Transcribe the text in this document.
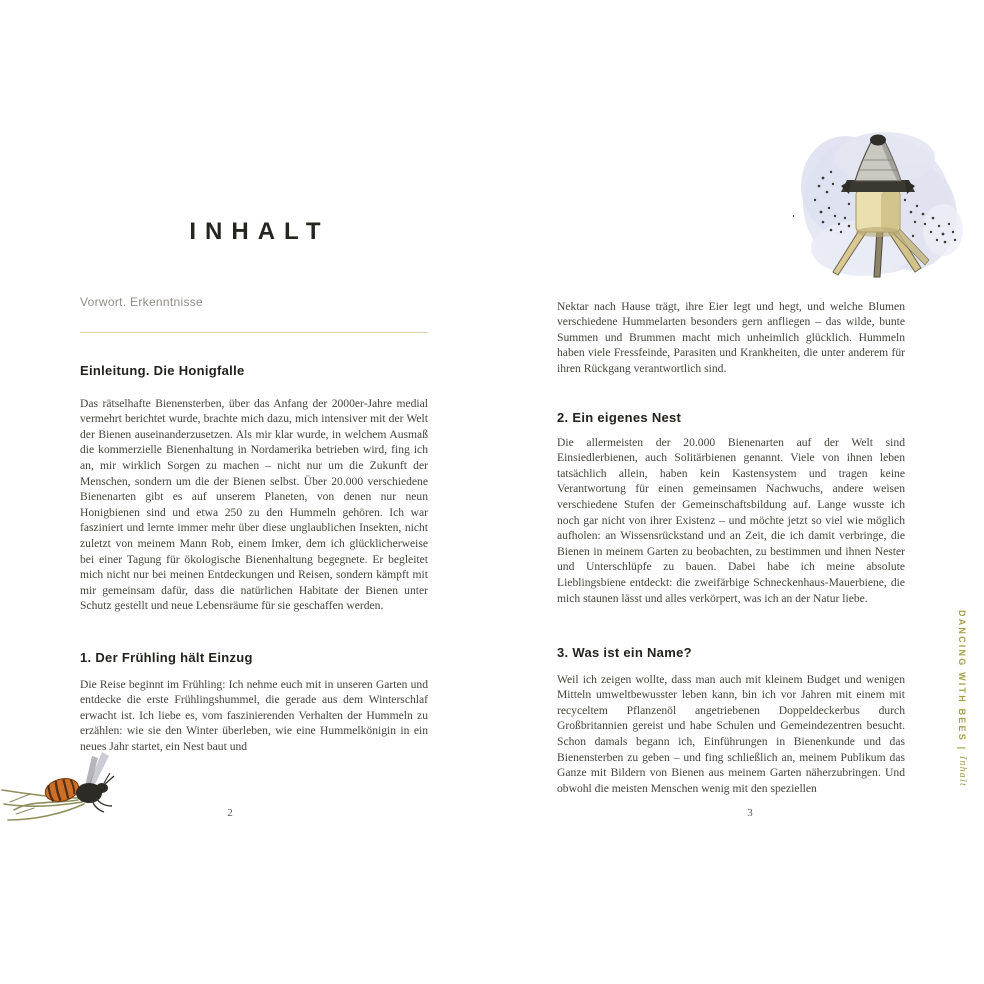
INHALT
Vorwort. Erkenntnisse
Einleitung. Die Honigfalle

Das rätselhafte Bienensterben, über das Anfang der 2000er-Jahre medial vermehrt berichtet wurde, brachte mich dazu, mich intensiver mit der Welt der Bienen auseinanderzusetzen. Als mir klar wurde, in welchem Ausmaß die kommerzielle Bienenhaltung in Nordamerika betrieben wird, fing ich an, mir wirklich Sorgen zu machen – nicht nur um die Zukunft der Menschen, sondern um die der Bienen selbst. Über 20.000 verschiedene Bienenarten gibt es auf unserem Planeten, von denen nur neun Honigbienen sind und etwa 250 zu den Hummeln gehören. Ich war fasziniert und lernte immer mehr über diese unglaublichen Insekten, nicht zuletzt von meinem Mann Rob, einem Imker, dem ich glücklicherweise bei einer Tagung für ökologische Bienenhaltung begegnete. Er begleitet mich nicht nur bei meinen Entdeckungen und Reisen, sondern kämpft mit mir gemeinsam dafür, dass die natürlichen Habitate der Bienen unter Schutz gestellt und neue Lebensräume für sie geschaffen werden.

1. Der Frühling hält Einzug

Die Reise beginnt im Frühling: Ich nehme euch mit in unseren Garten und entdecke die erste Frühlingshummel, die gerade aus dem Winterschlaf erwacht ist. Ich liebe es, vom faszinierenden Verhalten der Hummeln zu erzählen: wie sie den Winter überleben, wie eine Hummelkönigin in ein neues Jahr startet, ein Nest baut und

2

Nektar nach Hause trägt, ihre Eier legt und hegt, und welche Blumen verschiedene Hummelarten besonders gern anfliegen – das wilde, bunte Summen und Brummen macht mich unheimlich glücklich. Hummeln haben viele Fressfeinde, Parasiten und Krankheiten, die unter anderem für ihren Rückgang verantwortlich sind.

2. Ein eigenes Nest

Die allermeisten der 20.000 Bienenarten auf der Welt sind Einsiedlerbienen, auch Solitärbienen genannt. Viele von ihnen leben tatsächlich allein, haben kein Kastensystem und tragen keine Verantwortung für einen gemeinsamen Nachwuchs, andere weisen verschiedene Stufen der Gemeinschaftsbildung auf. Lange wusste ich noch gar nicht von ihrer Existenz – und möchte jetzt so viel wie möglich aufholen: an Wissensrückstand und an Zeit, die ich damit verbringe, die Bienen in meinem Garten zu beobachten, zu bestimmen und ihnen Nester und Unterschlüpfe zu bauen. Dabei habe ich meine absolute Lieblingsbiene entdeckt: die zweifärbige Schneckenhaus-Mauerbiene, die mich staunen lässt und alles verkörpert, was ich an der Natur liebe.

3. Was ist ein Name?

Weil ich zeigen wollte, dass man auch mit kleinem Budget und wenigen Mitteln umweltbewusster leben kann, bin ich vor Jahren mit einem mit recyceltem Pflanzenöl angetriebenen Doppeldeckerbus durch Großbritannien gereist und habe Schulen und Gemeindezentren besucht. Schon damals begann ich, Einführungen in Bienenkunde und das Bienensterben zu geben – und fing schließlich an, meinem Publikum das Ganze mit Bildern von Bienen aus meinem Garten näherzubringen. Und obwohl die meisten Menschen wenig mit den speziellen

3
DANCING WITH BEES | Inhalt
